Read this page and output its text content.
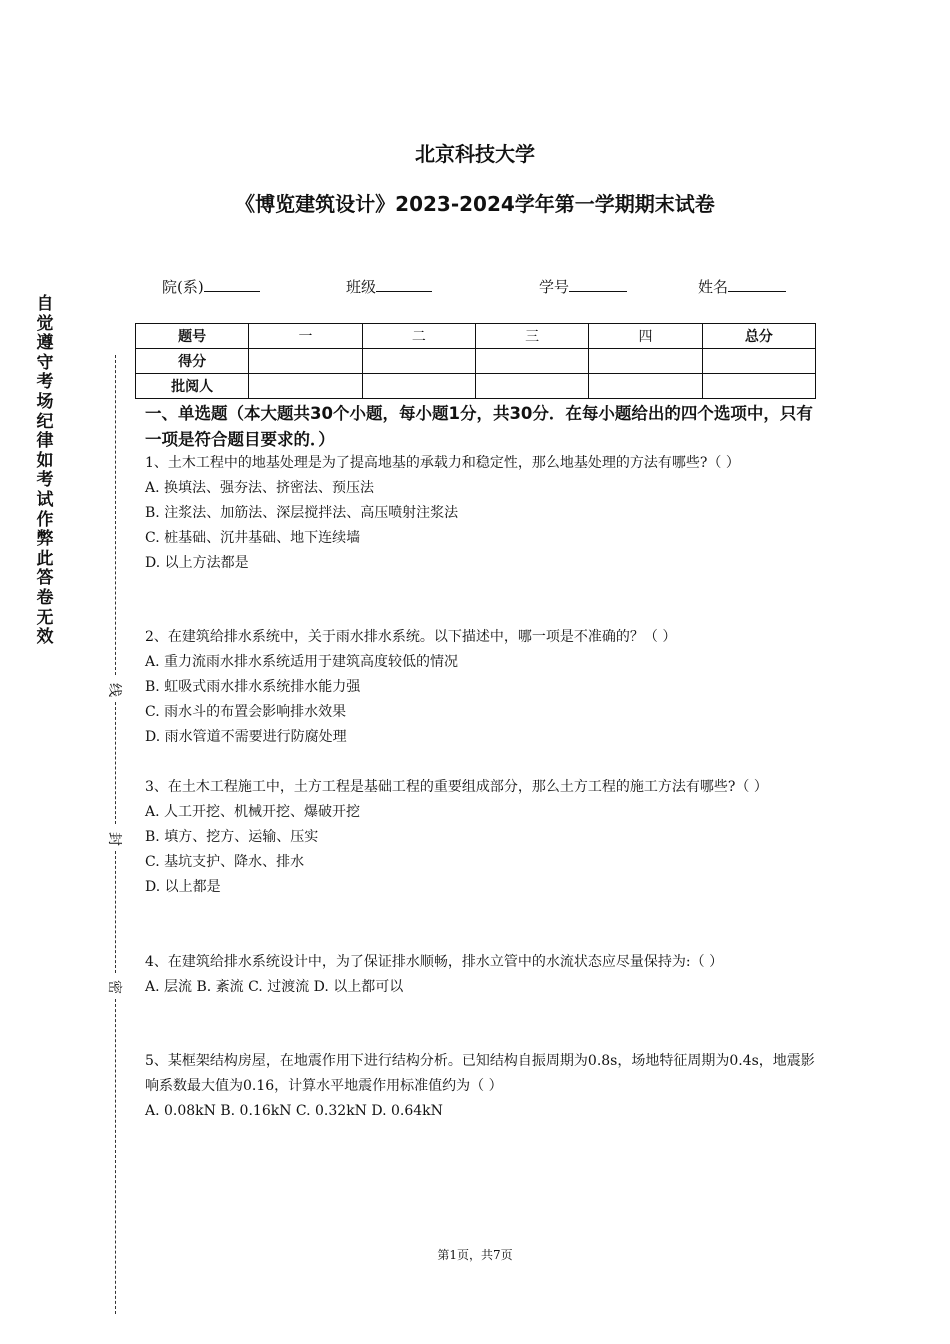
北京科技大学
《博览建筑设计》2023-2024学年第一学期期末试卷
院(系)	班级	学号	姓名
题号	一	二	三	四	总分
得分					
批阅人					
自觉遵守考场纪律如考试作弊此答卷无效
线
封
密
一、单选题（本大题共30个小题，每小题1分，共30分．在每小题给出的四个选项中，只有一项是符合题目要求的．）

1、土木工程中的地基处理是为了提高地基的承载力和稳定性，那么地基处理的方法有哪些?（ ）

A. 换填法、强夯法、挤密法、预压法

B. 注浆法、加筋法、深层搅拌法、高压喷射注浆法

C. 桩基础、沉井基础、地下连续墙

D. 以上方法都是

2、在建筑给排水系统中，关于雨水排水系统。以下描述中，哪一项是不准确的？（ ）

A. 重力流雨水排水系统适用于建筑高度较低的情况

B. 虹吸式雨水排水系统排水能力强

C. 雨水斗的布置会影响排水效果

D. 雨水管道不需要进行防腐处理

3、在土木工程施工中，土方工程是基础工程的重要组成部分，那么土方工程的施工方法有哪些?（ ）

A. 人工开挖、机械开挖、爆破开挖

B. 填方、挖方、运输、压实

C. 基坑支护、降水、排水

D. 以上都是

4、在建筑给排水系统设计中，为了保证排水顺畅，排水立管中的水流状态应尽量保持为:（ ）

A. 层流 B. 紊流 C. 过渡流 D. 以上都可以

5、某框架结构房屋，在地震作用下进行结构分析。已知结构自振周期为0.8s，场地特征周期为0.4s，地震影响系数最大值为0.16，计算水平地震作用标准值约为（ ）

A. 0.08kN B. 0.16kN C. 0.32kN D. 0.64kN

第1页，共7页
